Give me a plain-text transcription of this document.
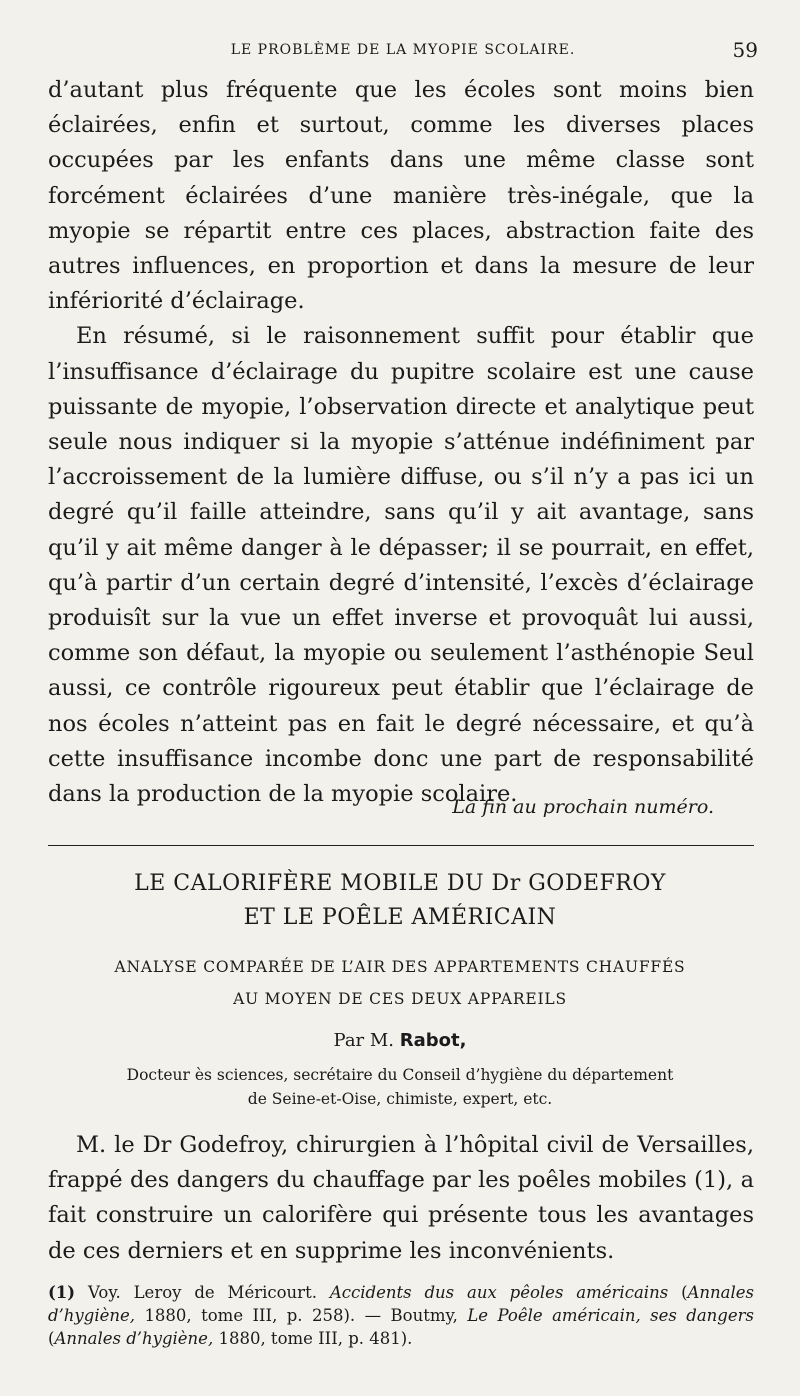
LE PROBLÈME DE LA MYOPIE SCOLAIRE.	59

d’autant plus fréquente que les écoles sont moins bien éclairées, enfin et surtout, comme les diverses places occupées par les enfants dans une même classe sont forcément éclairées d’une manière très-inégale, que la myopie se répartit entre ces places, abstraction faite des autres influences, en proportion et dans la mesure de leur infériorité d’éclairage.

En résumé, si le raisonnement suffit pour établir que l’insuffisance d’éclairage du pupitre scolaire est une cause puissante de myopie, l’observation directe et analytique peut seule nous indiquer si la myopie s’atténue indéfiniment par l’accroissement de la lumière diffuse, ou s’il n’y a pas ici un degré qu’il faille atteindre, sans qu’il y ait avantage, sans qu’il y ait même danger à le dépasser; il se pourrait, en effet, qu’à partir d’un certain degré d’intensité, l’excès d’éclairage produisît sur la vue un effet inverse et provoquât lui aussi, comme son défaut, la myopie ou seulement l’asthénopie Seul aussi, ce contrôle rigoureux peut établir que l’éclairage de nos écoles n’atteint pas en fait le degré nécessaire, et qu’à cette insuffisance incombe donc une part de responsabilité dans la production de la myopie scolaire.

La fin au prochain numéro.
LE CALORIFÈRE MOBILE DU Dr GODEFROY
ET LE POÊLE AMÉRICAIN
ANALYSE COMPARÉE DE L’AIR DES APPARTEMENTS CHAUFFÉS
AU MOYEN DE CES DEUX APPAREILS
Par M. Rabot,
Docteur ès sciences, secrétaire du Conseil d’hygiène du département
de Seine-et-Oise, chimiste, expert, etc.

M. le Dr Godefroy, chirurgien à l’hôpital civil de Versailles, frappé des dangers du chauffage par les poêles mobiles (1), a fait construire un calorifère qui présente tous les avantages de ces derniers et en supprime les inconvénients.

(1) Voy. Leroy de Méricourt. Accidents dus aux pêoles américains (Annales d’hygiène, 1880, tome III, p. 258). — Boutmy, Le Poêle américain, ses dangers (Annales d’hygiène, 1880, tome III, p. 481).
